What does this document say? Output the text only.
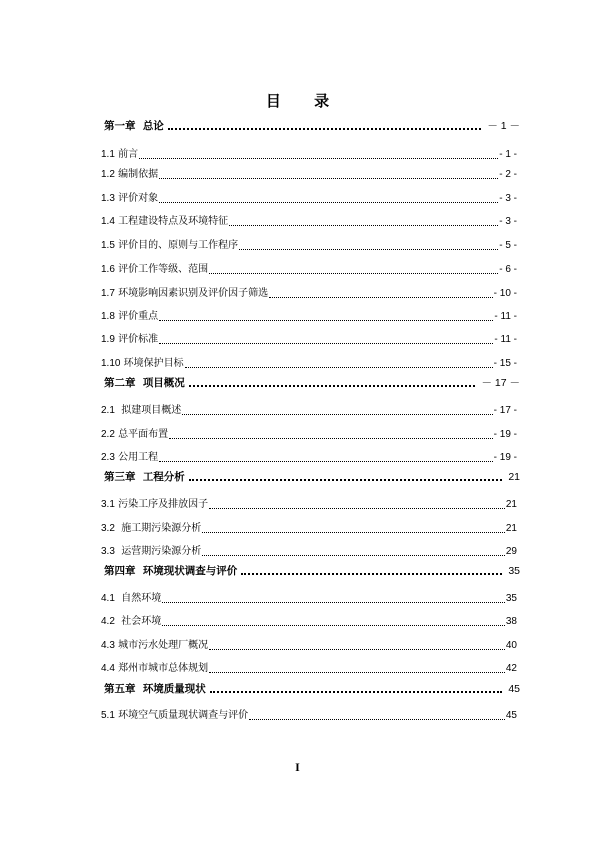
目 录
第一章 总论	－ 1 －
1.1 前言	- 1 -
1.2 编制依据	- 2 -
1.3 评价对象	- 3 -
1.4 工程建设特点及环境特征	- 3 -
1.5 评价目的、原则与工作程序	- 5 -
1.6 评价工作等级、范围	- 6 -
1.7 环境影响因素识别及评价因子筛选	- 10 -
1.8 评价重点	- 11 -
1.9 评价标准	- 11 -
1.10 环境保护目标	- 15 -
第二章 项目概况	－ 17 －
2.1  拟建项目概述	- 17 -
2.2 总平面布置	- 19 -
2.3 公用工程	- 19 -
第三章 工程分析	21
3.1 污染工序及排放因子	21
3.2  施工期污染源分析	21
3.3  运营期污染源分析	29
第四章 环境现状调查与评价	35
4.1  自然环境	35
4.2  社会环境	38
4.3 城市污水处理厂概况	40
4.4 郑州市城市总体规划	42
第五章 环境质量现状	45
5.1 环境空气质量现状调查与评价	45
I
